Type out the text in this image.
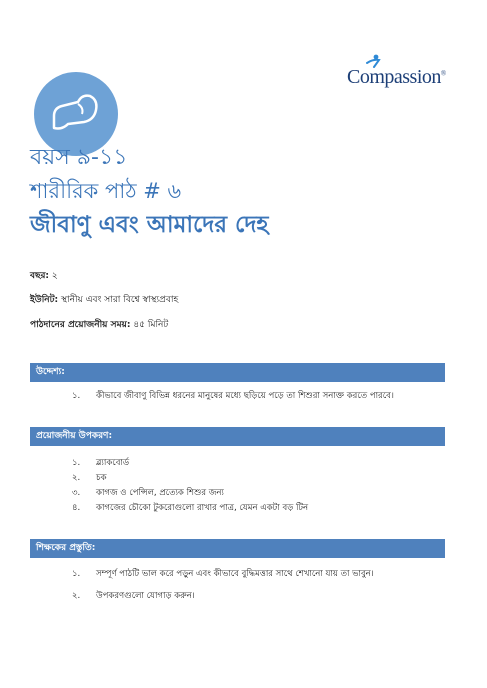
Compassion®
বয়স ৯-১১
শারীরিক পাঠ # ৬
জীবাণু এবং আমাদের দেহ
বছর: ২
ইউনিট: স্থানীয় এবং সারা বিশ্বে স্বাস্থ্যপ্রবাহ
পাঠদানের প্রয়োজনীয় সময়: ৪৫ মিনিট
উদ্দেশ্য:
১. কীভাবে জীবাণু বিভিন্ন ধরনের মানুষের মধ্যে ছড়িয়ে পড়ে তা শিশুরা সনাক্ত করতে পারবে।
প্রয়োজনীয় উপকরণ:
১. ব্ল্যাকবোর্ড
২. চক
৩. কাগজ ও পেন্সিল, প্রত্যেক শিশুর জন্য
৪. কাগজের চৌকো টুকরোগুলো রাখার পাত্র, যেমন একটা বড় টিন
শিক্ষকের প্রস্তুতি:
১. সম্পূর্ণ পাঠটি ভাল করে পড়ুন এবং কীভাবে বুদ্ধিমত্তার সাথে শেখানো যায় তা ভাবুন।
২. উপকরণগুলো যোগাড় করুন।
